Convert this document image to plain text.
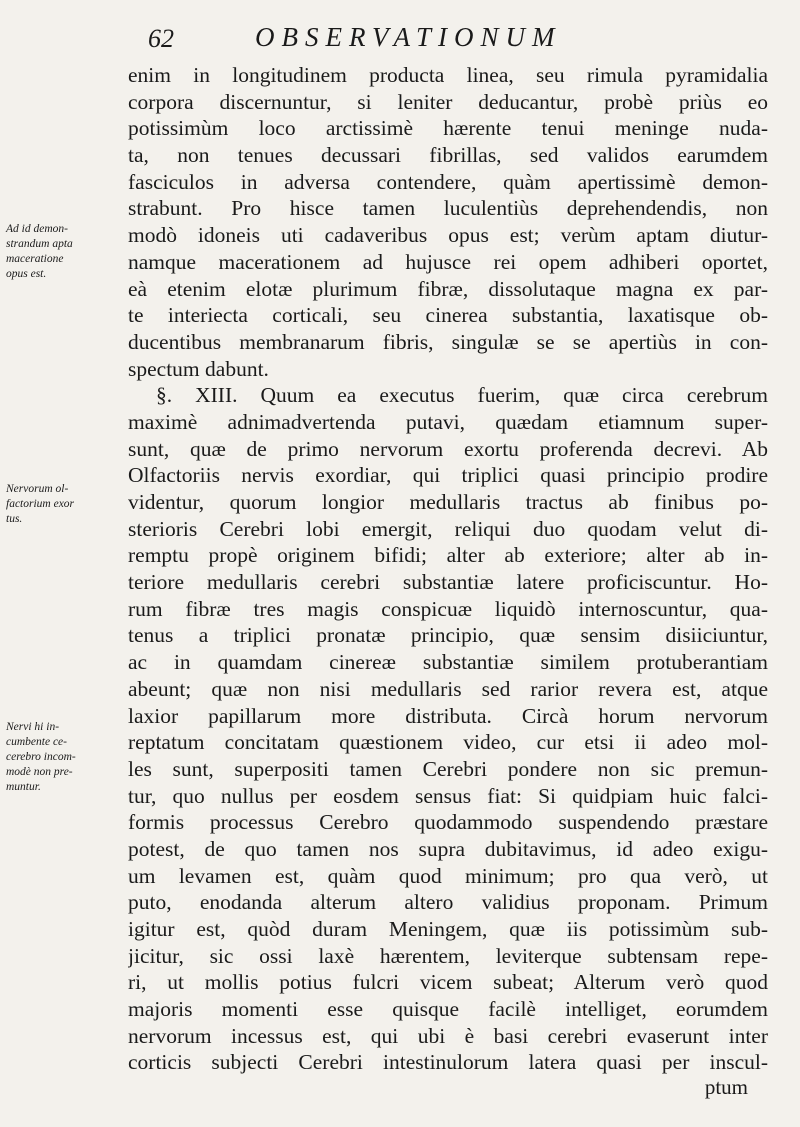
62	OBSERVATIONUM
enim in longitudinem producta linea, seu rimula pyramidalia
corpora discernuntur, si leniter deducantur, probè priùs eo
potissimùm loco arctissimè hærente tenui meninge nuda-
ta, non tenues decussari fibrillas, sed validos earumdem
fasciculos in adversa contendere, quàm apertissimè demon-
strabunt. Pro hisce tamen luculentiùs deprehendendis, non
modò idoneis uti cadaveribus opus est; verùm aptam diutur-
namque macerationem ad hujusce rei opem adhiberi oportet,
eà etenim elotæ plurimum fibræ, dissolutaque magna ex par-
te interiecta corticali, seu cinerea substantia, laxatisque ob-
ducentibus membranarum fibris, singulæ se se apertiùs in con-
spectum dabunt.
§. XIII. Quum ea executus fuerim, quæ circa cerebrum
maximè adnimadvertenda putavi, quædam etiamnum super-
sunt, quæ de primo nervorum exortu proferenda decrevi. Ab
Olfactoriis nervis exordiar, qui triplici quasi principio prodire
videntur, quorum longior medullaris tractus ab finibus po-
sterioris Cerebri lobi emergit, reliqui duo quodam velut di-
remptu propè originem bifidi; alter ab exteriore; alter ab in-
teriore medullaris cerebri substantiæ latere proficiscuntur. Ho-
rum fibræ tres magis conspicuæ liquidò internoscuntur, qua-
tenus a triplici pronatæ principio, quæ sensim disiiciuntur,
ac in quamdam cinereæ substantiæ similem protuberantiam
abeunt; quæ non nisi medullaris sed rarior revera est, atque
laxior papillarum more distributa. Circà horum nervorum
reptatum concitatam quæstionem video, cur etsi ii adeo mol-
les sunt, superpositi tamen Cerebri pondere non sic premun-
tur, quo nullus per eosdem sensus fiat: Si quidpiam huic falci-
formis processus Cerebro quodammodo suspendendo præstare
potest, de quo tamen nos supra dubitavimus, id adeo exigu-
um levamen est, quàm quod minimum; pro qua verò, ut
puto, enodanda alterum altero validius proponam. Primum
igitur est, quòd duram Meningem, quæ iis potissimùm sub-
jicitur, sic ossi laxè hærentem, leviterque subtensam repe-
ri, ut mollis potius fulcri vicem subeat; Alterum verò quod
majoris momenti esse quisque facilè intelliget, eorumdem
nervorum incessus est, qui ubi è basi cerebri evaserunt inter
corticis subjecti Cerebri intestinulorum latera quasi per inscul-
ptum
Ad id demon-
strandum apta
maceratione
opus est.
Nervorum ol-
factorium exor
tus.
Nervi hi in-
cumbente ce-
cerebro incom-
modè non pre-
muntur.
